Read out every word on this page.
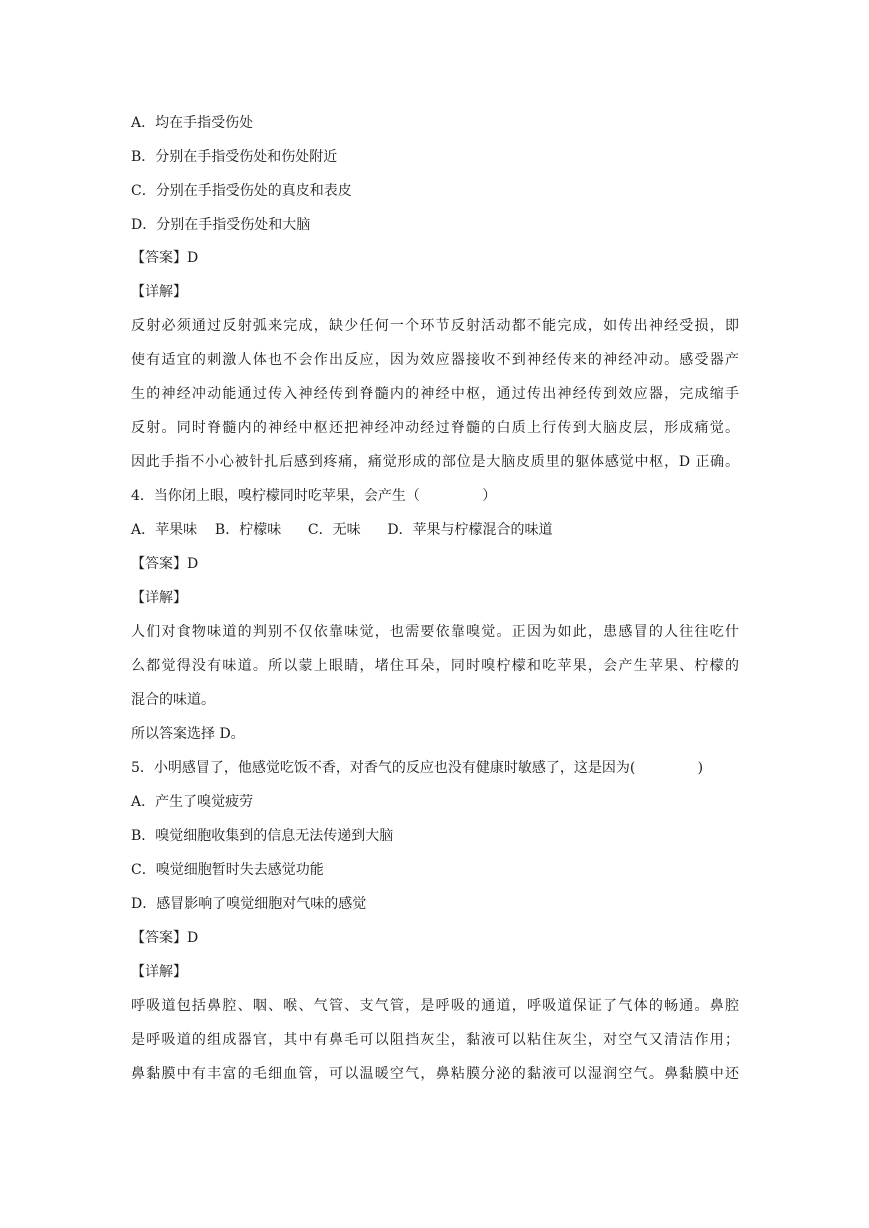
A．均在手指受伤处
B．分别在手指受伤处和伤处附近
C．分别在手指受伤处的真皮和表皮
D．分别在手指受伤处和大脑
【答案】D
【详解】
反射必须通过反射弧来完成，缺少任何一个环节反射活动都不能完成，如传出神经受损，即
使有适宜的刺激人体也不会作出反应，因为效应器接收不到神经传来的神经冲动。感受器产
生的神经冲动能通过传入神经传到脊髓内的神经中枢，通过传出神经传到效应器，完成缩手
反射。同时脊髓内的神经中枢还把神经冲动经过脊髓的白质上行传到大脑皮层，形成痛觉。
因此手指不小心被针扎后感到疼痛，痛觉形成的部位是大脑皮质里的躯体感觉中枢，D 正确。
4．当你闭上眼，嗅柠檬同时吃苹果，会产生（              ）
A．苹果味    B．柠檬味      C．无味      D．苹果与柠檬混合的味道
【答案】D
【详解】
人们对食物味道的判别不仅依靠味觉，也需要依靠嗅觉。正因为如此，患感冒的人往往吃什
么都觉得没有味道。所以蒙上眼睛，堵住耳朵，同时嗅柠檬和吃苹果，会产生苹果、柠檬的
混合的味道。
所以答案选择 D。
5．小明感冒了，他感觉吃饭不香，对香气的反应也没有健康时敏感了，这是因为(              )
A．产生了嗅觉疲劳
B．嗅觉细胞收集到的信息无法传递到大脑
C．嗅觉细胞暂时失去感觉功能
D．感冒影响了嗅觉细胞对气味的感觉
【答案】D
【详解】
呼吸道包括鼻腔、咽、喉、气管、支气管，是呼吸的通道，呼吸道保证了气体的畅通。鼻腔
是呼吸道的组成器官，其中有鼻毛可以阻挡灰尘，黏液可以粘住灰尘，对空气又清洁作用；
鼻黏膜中有丰富的毛细血管，可以温暖空气，鼻粘膜分泌的黏液可以湿润空气。鼻黏膜中还
